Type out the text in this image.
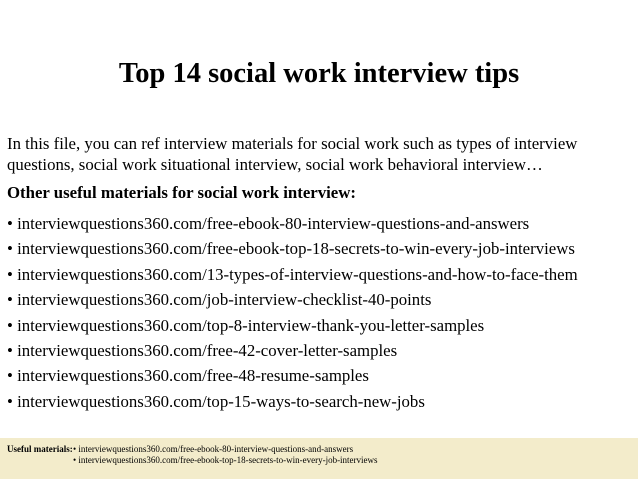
Top 14 social work interview tips
In this file, you can ref interview materials for social work such as types of interview questions, social work situational interview, social work behavioral interview…
Other useful materials for social work interview:
• interviewquestions360.com/free-ebook-80-interview-questions-and-answers
• interviewquestions360.com/free-ebook-top-18-secrets-to-win-every-job-interviews
• interviewquestions360.com/13-types-of-interview-questions-and-how-to-face-them
• interviewquestions360.com/job-interview-checklist-40-points
• interviewquestions360.com/top-8-interview-thank-you-letter-samples
• interviewquestions360.com/free-42-cover-letter-samples
• interviewquestions360.com/free-48-resume-samples
• interviewquestions360.com/top-15-ways-to-search-new-jobs
Useful materials: • interviewquestions360.com/free-ebook-80-interview-questions-and-answers
• interviewquestions360.com/free-ebook-top-18-secrets-to-win-every-job-interviews
